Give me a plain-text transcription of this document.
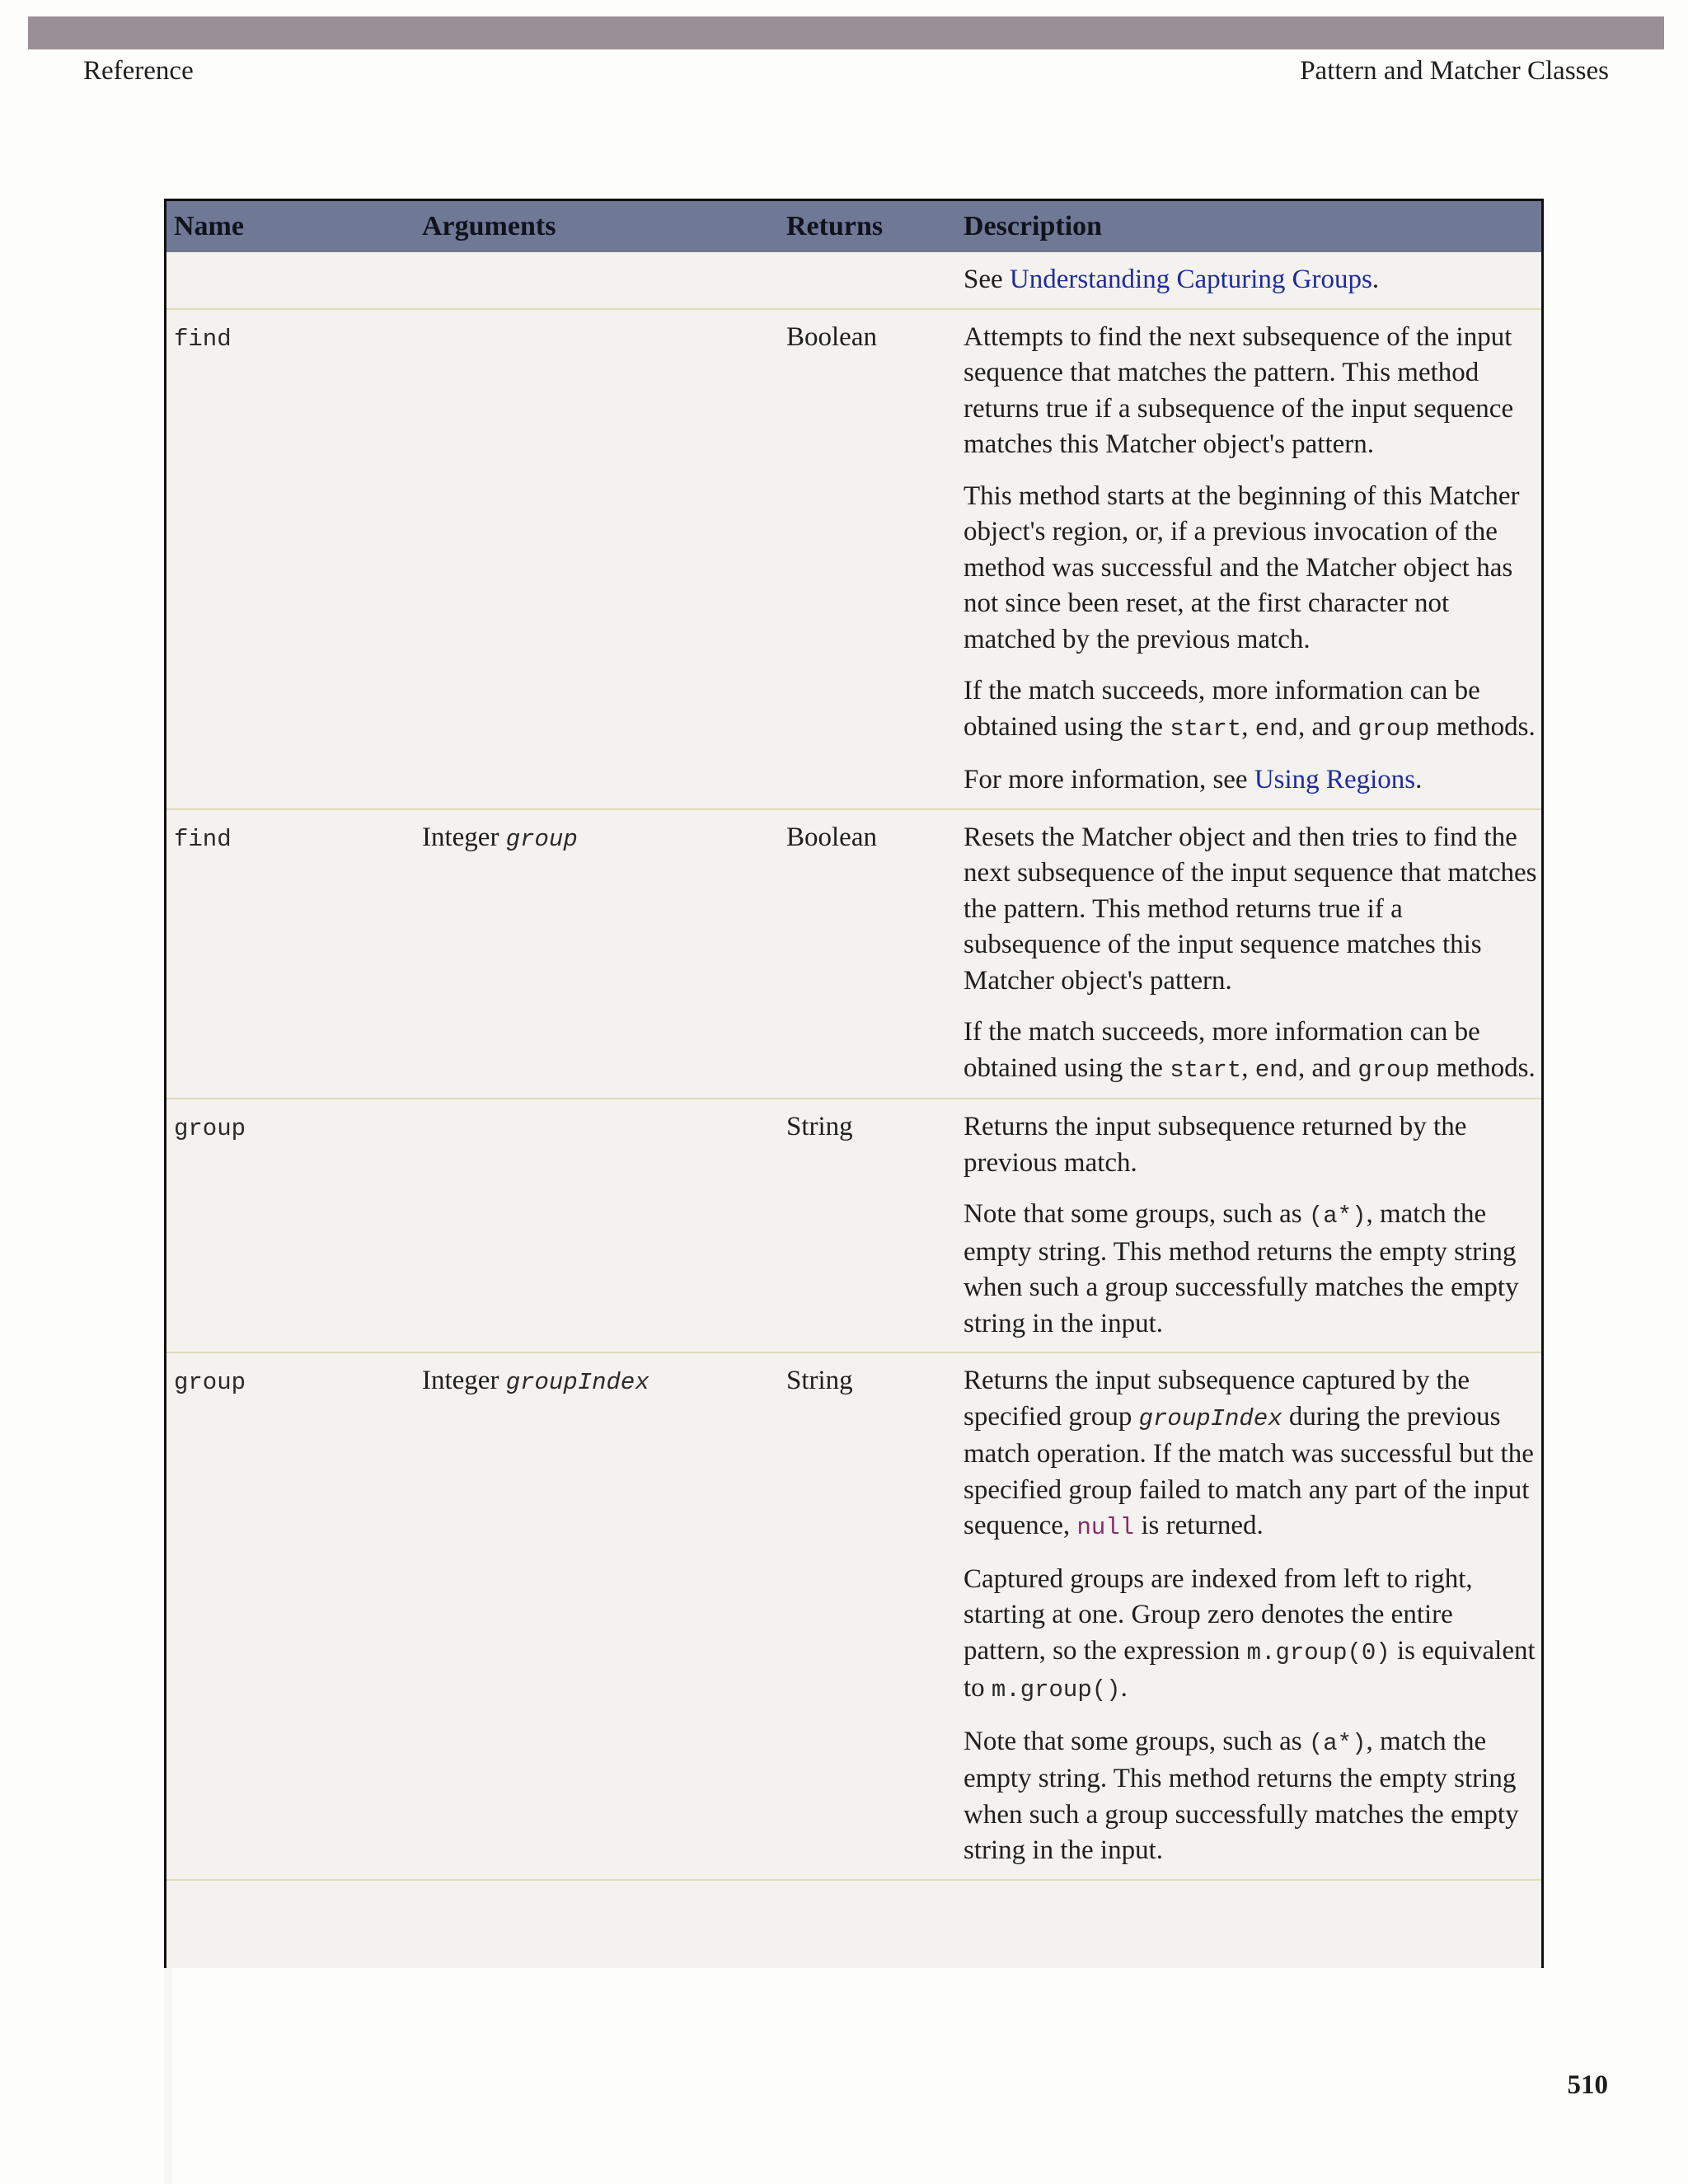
Reference	Pattern and Matcher Classes
Name	Arguments	Returns	Description
			See Understanding Capturing Groups.
find		Boolean	Attempts to find the next subsequence of the input sequence that matches the pattern. This method returns true if a subsequence of the input sequence matches this Matcher object's pattern.

This method starts at the beginning of this Matcher object's region, or, if a previous invocation of the method was successful and the Matcher object has not since been reset, at the first character not matched by the previous match.

If the match succeeds, more information can be obtained using the start, end, and group methods.

For more information, see Using Regions.

find	Integer group	Boolean	Resets the Matcher object and then tries to find the next subsequence of the input sequence that matches the pattern. This method returns true if a subsequence of the input sequence matches this Matcher object's pattern.

If the match succeeds, more information can be obtained using the start, end, and group methods.

group		String	Returns the input subsequence returned by the previous match.

Note that some groups, such as (a*), match the empty string. This method returns the empty string when such a group successfully matches the empty string in the input.

group	Integer groupIndex	String	Returns the input subsequence captured by the specified group groupIndex during the previous match operation. If the match was successful but the specified group failed to match any part of the input sequence, null is returned.

Captured groups are indexed from left to right, starting at one. Group zero denotes the entire pattern, so the expression m.group(0) is equivalent to m.group().

Note that some groups, such as (a*), match the empty string. This method returns the empty string when such a group successfully matches the empty string in the input.

510
